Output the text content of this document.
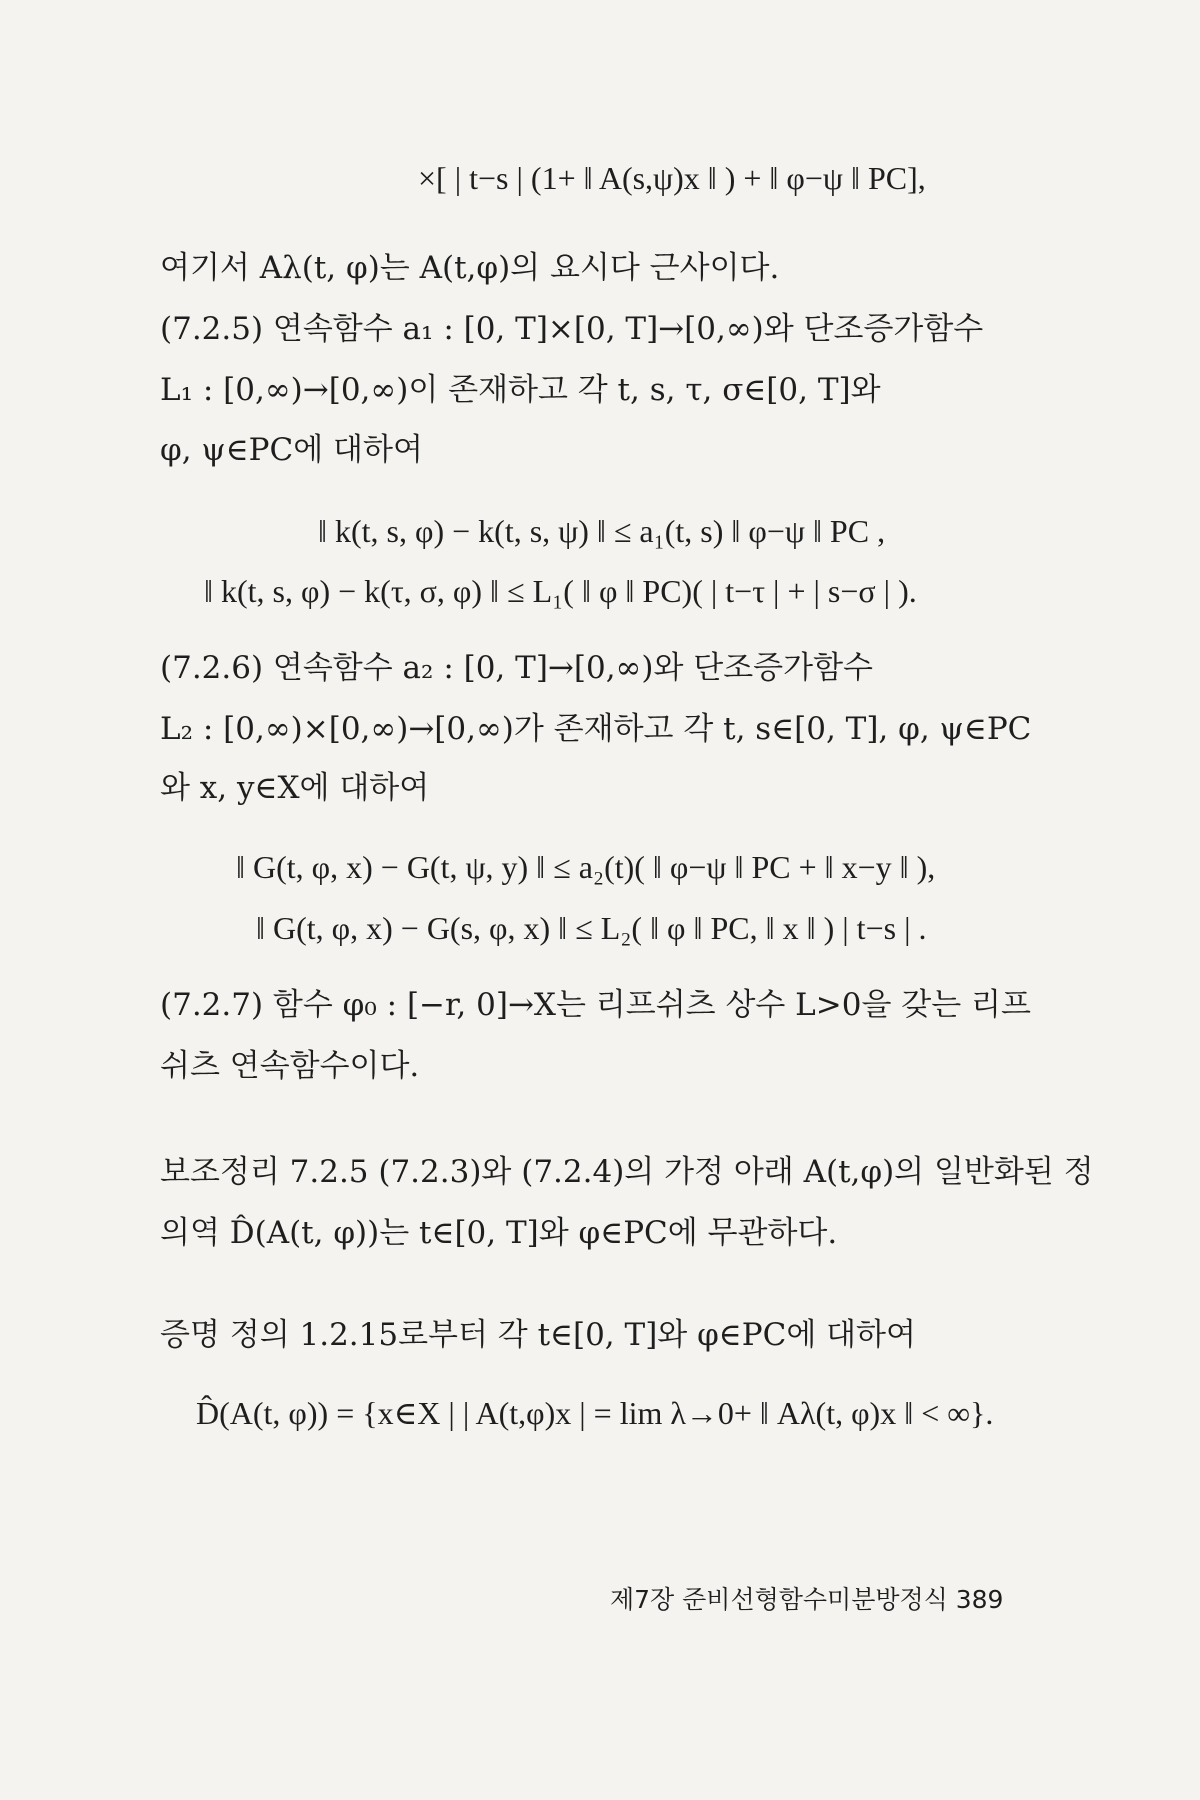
×[ | t−s | (1+ ‖ A(s,ψ)x ‖ ) + ‖ φ−ψ ‖ PC],
여기서 Aλ(t, φ)는 A(t,φ)의 요시다 근사이다.
(7.2.5) 연속함수 a₁ : [0, T]×[0, T]→[0,∞)와 단조증가함수
L₁ : [0,∞)→[0,∞)이 존재하고 각 t, s, τ, σ∈[0, T]와
φ, ψ∈PC에 대하여
‖ k(t, s, φ) − k(t, s, ψ) ‖ ≤ a₁(t, s) ‖ φ−ψ ‖ PC ,
‖ k(t, s, φ) − k(τ, σ, φ) ‖ ≤ L₁( ‖ φ ‖ PC)( | t−τ | + | s−σ | ).
(7.2.6) 연속함수 a₂ : [0, T]→[0,∞)와 단조증가함수
L₂ : [0,∞)×[0,∞)→[0,∞)가 존재하고 각 t, s∈[0, T], φ, ψ∈PC
와 x, y∈X에 대하여
‖ G(t, φ, x) − G(t, ψ, y) ‖ ≤ a₂(t)( ‖ φ−ψ ‖ PC + ‖ x−y ‖ ),
‖ G(t, φ, x) − G(s, φ, x) ‖ ≤ L₂( ‖ φ ‖ PC, ‖ x ‖ ) | t−s | .
(7.2.7) 함수 φ₀ : [−r, 0]→X는 리프쉬츠 상수 L>0을 갖는 리프
쉬츠 연속함수이다.
보조정리 7.2.5 (7.2.3)와 (7.2.4)의 가정 아래 A(t,φ)의 일반화된 정
의역 D̂(A(t, φ))는 t∈[0, T]와 φ∈PC에 무관하다.
증명 정의 1.2.15로부터 각 t∈[0, T]와 φ∈PC에 대하여
D̂(A(t, φ)) = {x∈X | | A(t,φ)x | = lim λ→0+ ‖ Aλ(t, φ)x ‖ < ∞}.
제7장 준비선형함수미분방정식 389
